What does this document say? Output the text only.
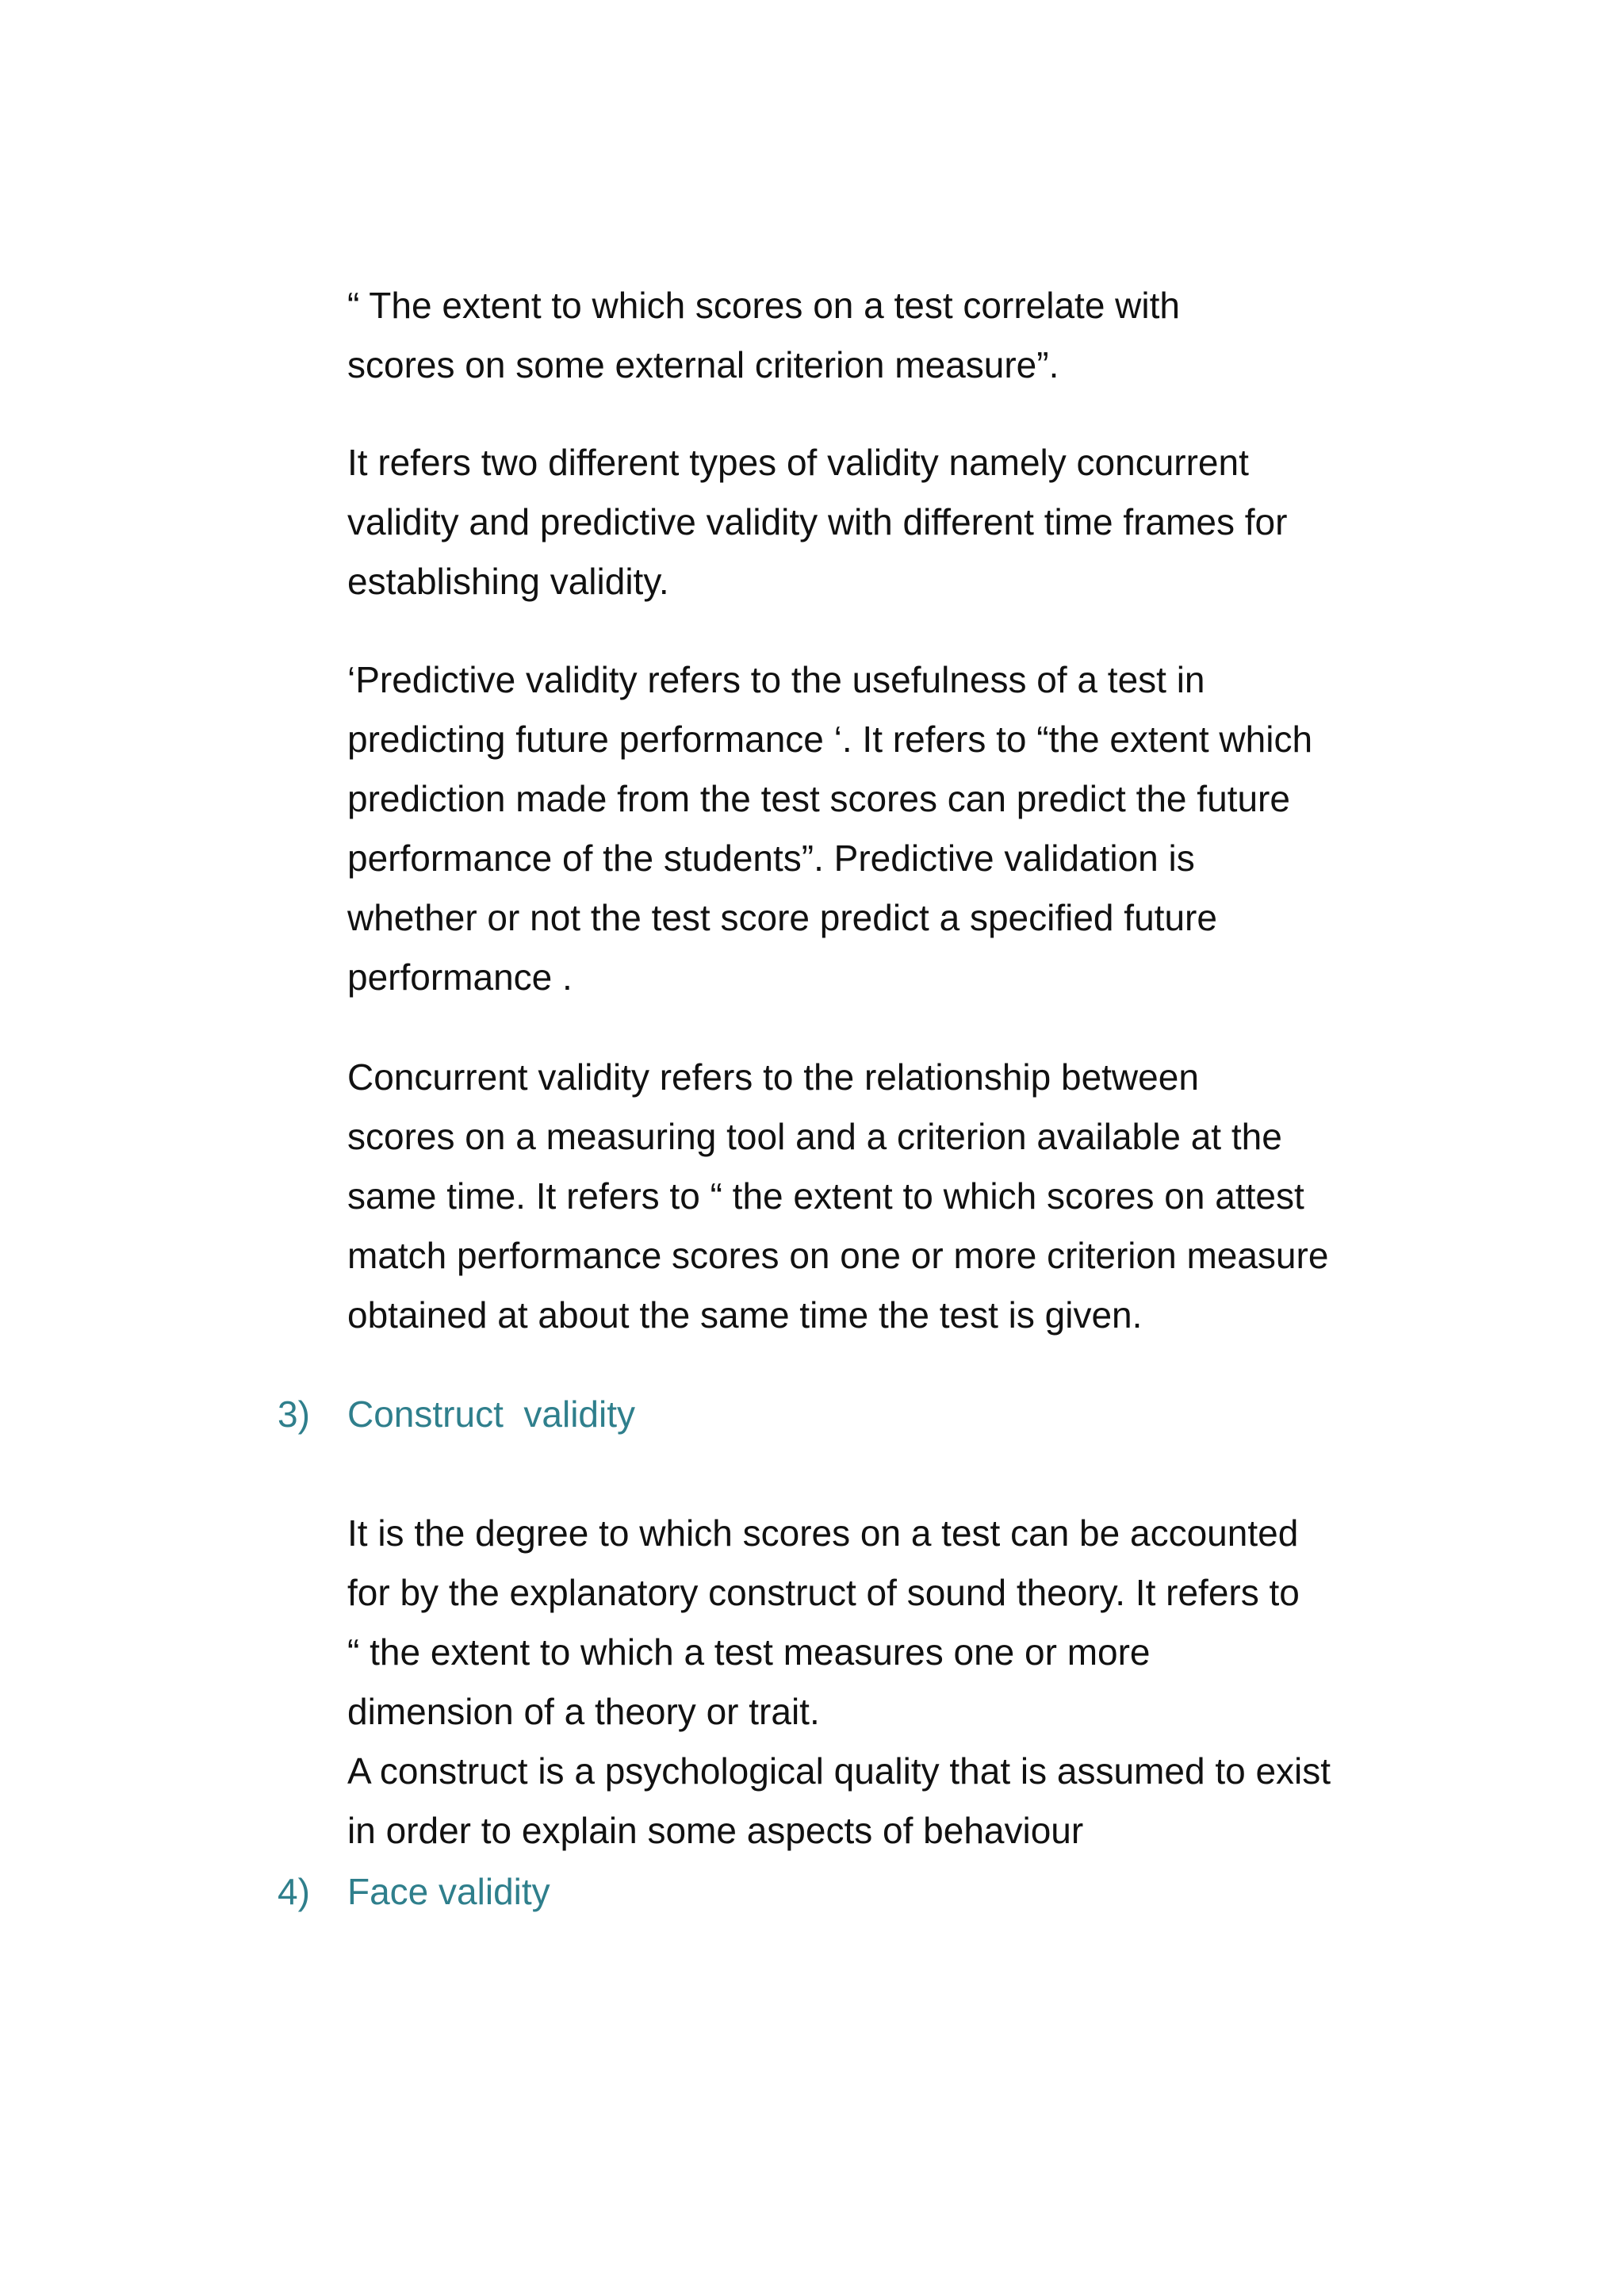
“ The extent to which scores on a test correlate with
scores on some external criterion measure”.
It refers two different types of validity namely concurrent
validity and predictive validity with different time frames for
establishing validity.
‘Predictive validity refers to the usefulness of a test in
predicting future performance ‘. It refers to “the extent which
prediction made from the test scores can predict the future
performance of the students”. Predictive validation is
whether or not the test score predict a specified future
performance .
Concurrent validity refers to the relationship between
scores on a measuring tool and a criterion available at the
same time. It refers to “ the extent to which scores on attest
match performance scores on one or more criterion measure
obtained at about the same time the test is given.

3)

Construct  validity

It is the degree to which scores on a test can be accounted
for by the explanatory construct of sound theory. It refers to
“ the extent to which a test measures one or more
dimension of a theory or trait.
A construct is a psychological quality that is assumed to exist
in order to explain some aspects of behaviour

4)

Face validity
